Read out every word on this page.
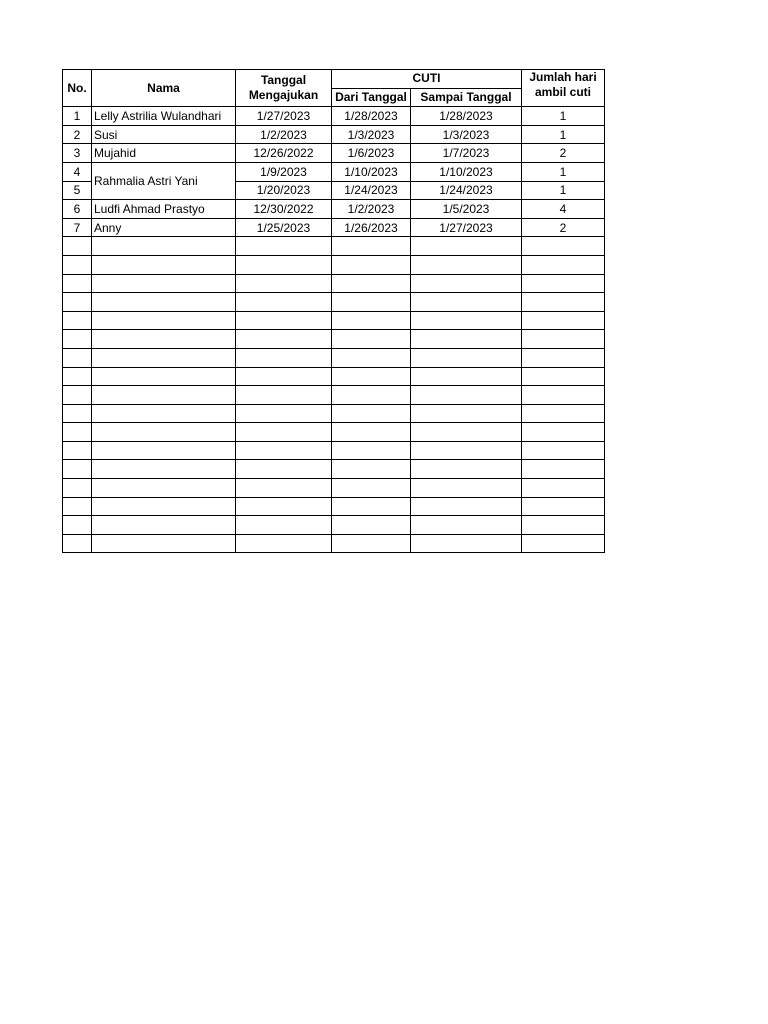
No.	Nama	Tanggal
Mengajukan	CUTI		Jumlah hari
ambil cuti
			Dari Tanggal	Sampai Tanggal	
1	Lelly Astrilia Wulandhari	1/27/2023	1/28/2023	1/28/2023	1
2	Susi	1/2/2023	1/3/2023	1/3/2023	1
3	Mujahid	12/26/2022	1/6/2023	1/7/2023	2
4	Rahmalia Astri Yani	1/9/2023	1/10/2023	1/10/2023	1
5		1/20/2023	1/24/2023	1/24/2023	1
6	Ludfi Ahmad Prastyo	12/30/2022	1/2/2023	1/5/2023	4
7	Anny	1/25/2023	1/26/2023	1/27/2023	2
